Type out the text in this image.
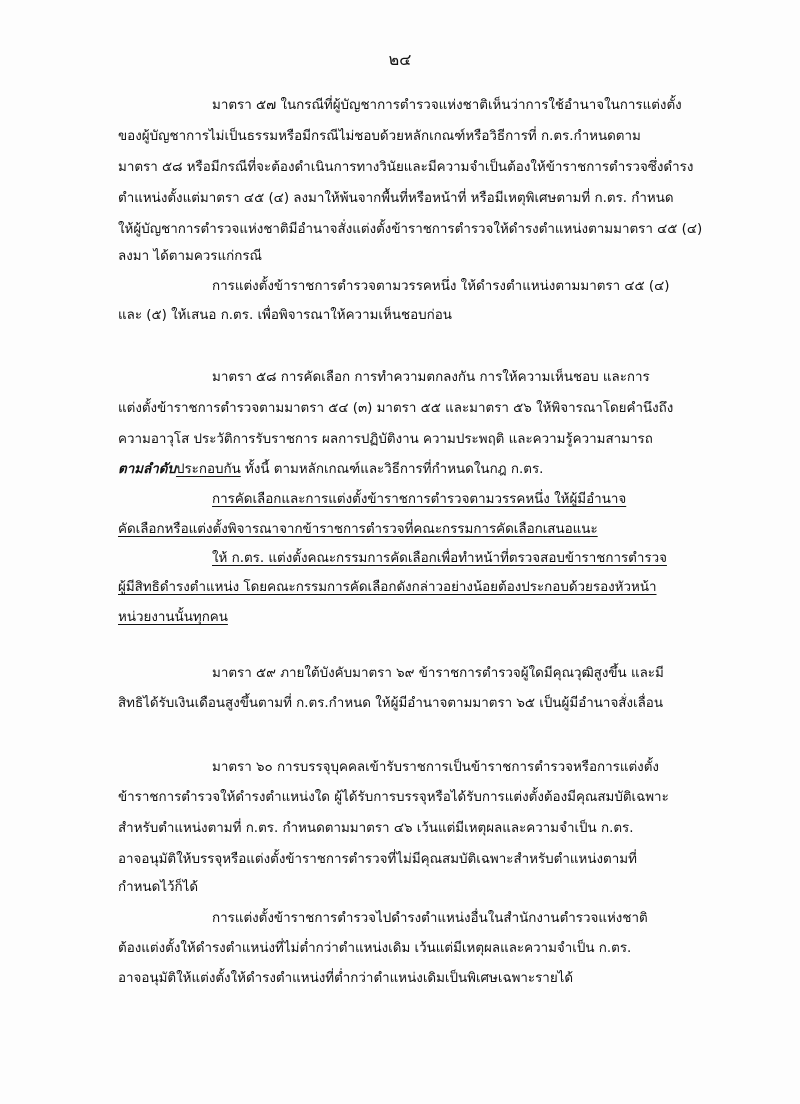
๒๔
มาตรา ๕๗ ในกรณีที่ผู้บัญชาการตำรวจแห่งชาติเห็นว่าการใช้อำนาจในการแต่งตั้ง
ของผู้บัญชาการไม่เป็นธรรมหรือมีกรณีไม่ชอบด้วยหลักเกณฑ์หรือวิธีการที่ ก.ตร.กำหนดตาม
มาตรา ๕๘ หรือมีกรณีที่จะต้องดำเนินการทางวินัยและมีความจำเป็นต้องให้ข้าราชการตำรวจซึ่งดำรง
ตำแหน่งตั้งแต่มาตรา ๔๕ (๔) ลงมาให้พ้นจากพื้นที่หรือหน้าที่ หรือมีเหตุพิเศษตามที่ ก.ตร. กำหนด
ให้ผู้บัญชาการตำรวจแห่งชาติมีอำนาจสั่งแต่งตั้งข้าราชการตำรวจให้ดำรงตำแหน่งตามมาตรา ๔๕ (๔)
ลงมา ได้ตามควรแก่กรณี
การแต่งตั้งข้าราชการตำรวจตามวรรคหนึ่ง ให้ดำรงตำแหน่งตามมาตรา ๔๕ (๔)
และ (๕) ให้เสนอ ก.ตร. เพื่อพิจารณาให้ความเห็นชอบก่อน
มาตรา ๕๘ การคัดเลือก การทำความตกลงกัน การให้ความเห็นชอบ และการ
แต่งตั้งข้าราชการตำรวจตามมาตรา ๕๔ (๓) มาตรา ๕๕ และมาตรา ๕๖ ให้พิจารณาโดยคำนึงถึง
ความอาวุโส ประวัติการรับราชการ ผลการปฏิบัติงาน ความประพฤติ และความรู้ความสามารถ
ตามลำดับประกอบกัน ทั้งนี้ ตามหลักเกณฑ์และวิธีการที่กำหนดในกฎ ก.ตร.
การคัดเลือกและการแต่งตั้งข้าราชการตำรวจตามวรรคหนึ่ง ให้ผู้มีอำนาจ
คัดเลือกหรือแต่งตั้งพิจารณาจากข้าราชการตำรวจที่คณะกรรมการคัดเลือกเสนอแนะ
ให้ ก.ตร. แต่งตั้งคณะกรรมการคัดเลือกเพื่อทำหน้าที่ตรวจสอบข้าราชการตำรวจ
ผู้มีสิทธิดำรงตำแหน่ง โดยคณะกรรมการคัดเลือกดังกล่าวอย่างน้อยต้องประกอบด้วยรองหัวหน้า
หน่วยงานนั้นทุกคน
มาตรา ๕๙ ภายใต้บังคับมาตรา ๖๙ ข้าราชการตำรวจผู้ใดมีคุณวุฒิสูงขึ้น และมี
สิทธิได้รับเงินเดือนสูงขึ้นตามที่ ก.ตร.กำหนด ให้ผู้มีอำนาจตามมาตรา ๖๕ เป็นผู้มีอำนาจสั่งเลื่อน
มาตรา ๖๐ การบรรจุบุคคลเข้ารับราชการเป็นข้าราชการตำรวจหรือการแต่งตั้ง
ข้าราชการตำรวจให้ดำรงตำแหน่งใด ผู้ได้รับการบรรจุหรือได้รับการแต่งตั้งต้องมีคุณสมบัติเฉพาะ
สำหรับตำแหน่งตามที่ ก.ตร. กำหนดตามมาตรา ๔๖ เว้นแต่มีเหตุผลและความจำเป็น ก.ตร.
อาจอนุมัติให้บรรจุหรือแต่งตั้งข้าราชการตำรวจที่ไม่มีคุณสมบัติเฉพาะสำหรับตำแหน่งตามที่
กำหนดไว้ก็ได้
การแต่งตั้งข้าราชการตำรวจไปดำรงตำแหน่งอื่นในสำนักงานตำรวจแห่งชาติ
ต้องแต่งตั้งให้ดำรงตำแหน่งที่ไม่ต่ำกว่าตำแหน่งเดิม เว้นแต่มีเหตุผลและความจำเป็น ก.ตร.
อาจอนุมัติให้แต่งตั้งให้ดำรงตำแหน่งที่ต่ำกว่าตำแหน่งเดิมเป็นพิเศษเฉพาะรายได้
